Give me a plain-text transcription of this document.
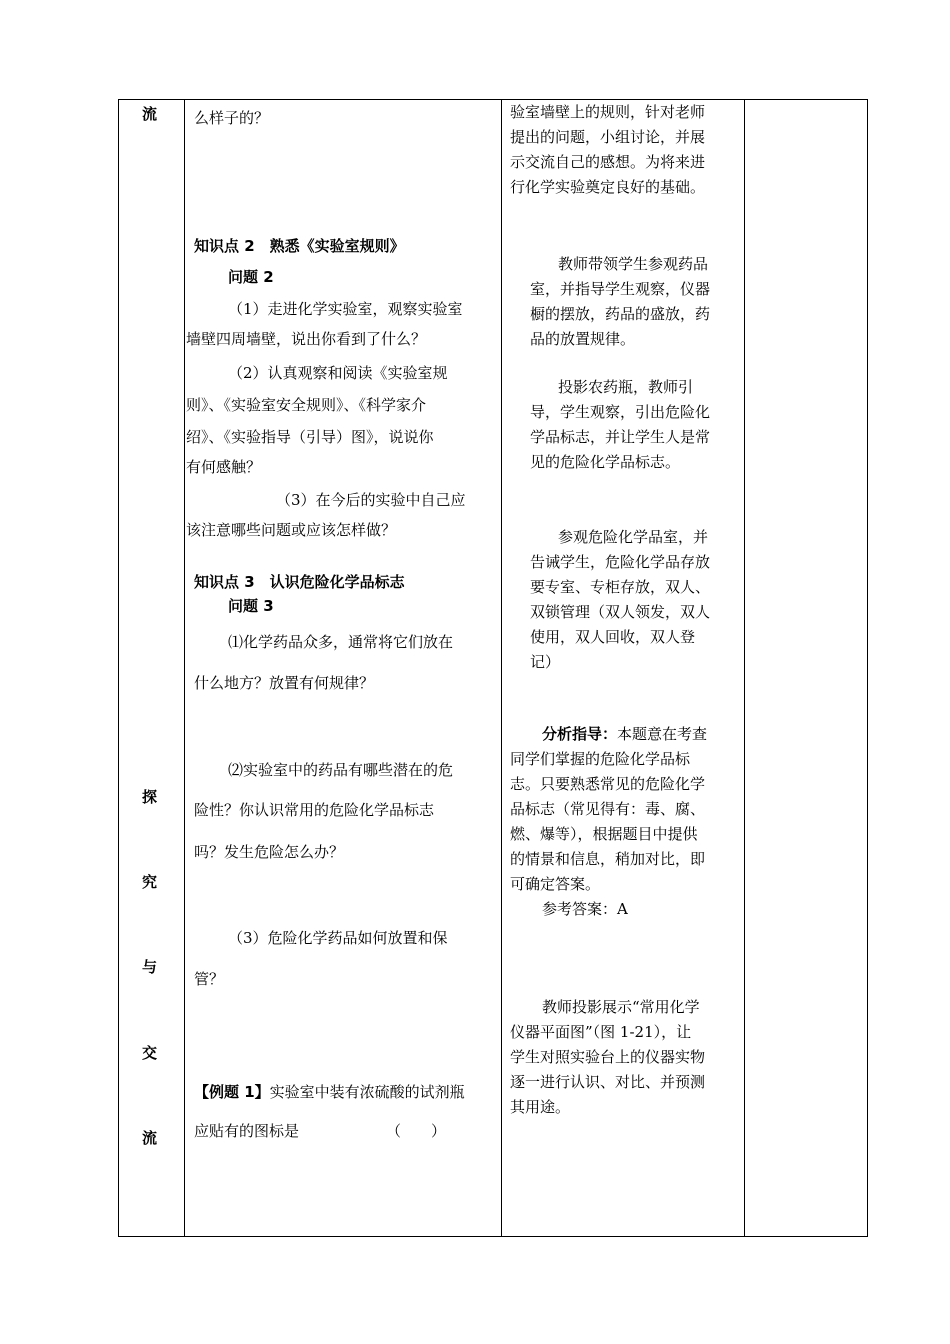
流
探
究
与
交
流
么样子的？
知识点 2　熟悉《实验室规则》
问题 2
（1）走进化学实验室，观察实验室
墙壁四周墙壁，说出你看到了什么？
（2）认真观察和阅读《实验室规
则》、《实验室安全规则》、《科学家介
绍》、《实验指导（引导）图》，说说你
有何感触？
（3）在今后的实验中自己应
该注意哪些问题或应该怎样做？
知识点 3　认识危险化学品标志
问题 3
⑴化学药品众多，通常将它们放在
什么地方？放置有何规律？
⑵实验室中的药品有哪些潜在的危
险性？你认识常用的危险化学品标志
吗？发生危险怎么办？
（3）危险化学药品如何放置和保
管？
【例题 1】实验室中装有浓硫酸的试剂瓶
应贴有的图标是	（　　）
验室墙壁上的规则，针对老师
提出的问题，小组讨论，并展
示交流自己的感想。为将来进
行化学实验奠定良好的基础。
教师带领学生参观药品
室，并指导学生观察，仪器
橱的摆放，药品的盛放，药
品的放置规律。
投影农药瓶，教师引
导，学生观察，引出危险化
学品标志，并让学生人是常
见的危险化学品标志。
参观危险化学品室，并
告诫学生，危险化学品存放
要专室、专柜存放，双人、
双锁管理（双人领发，双人
使用，双人回收，双人登
记）
分析指导：本题意在考查
同学们掌握的危险化学品标
志。只要熟悉常见的危险化学
品标志（常见得有：毒、腐、
燃、爆等），根据题目中提供
的情景和信息，稍加对比，即
可确定答案。
参考答案：A
教师投影展示“常用化学
仪器平面图”（图 1-21），让
学生对照实验台上的仪器实物
逐一进行认识、对比、并预测
其用途。
